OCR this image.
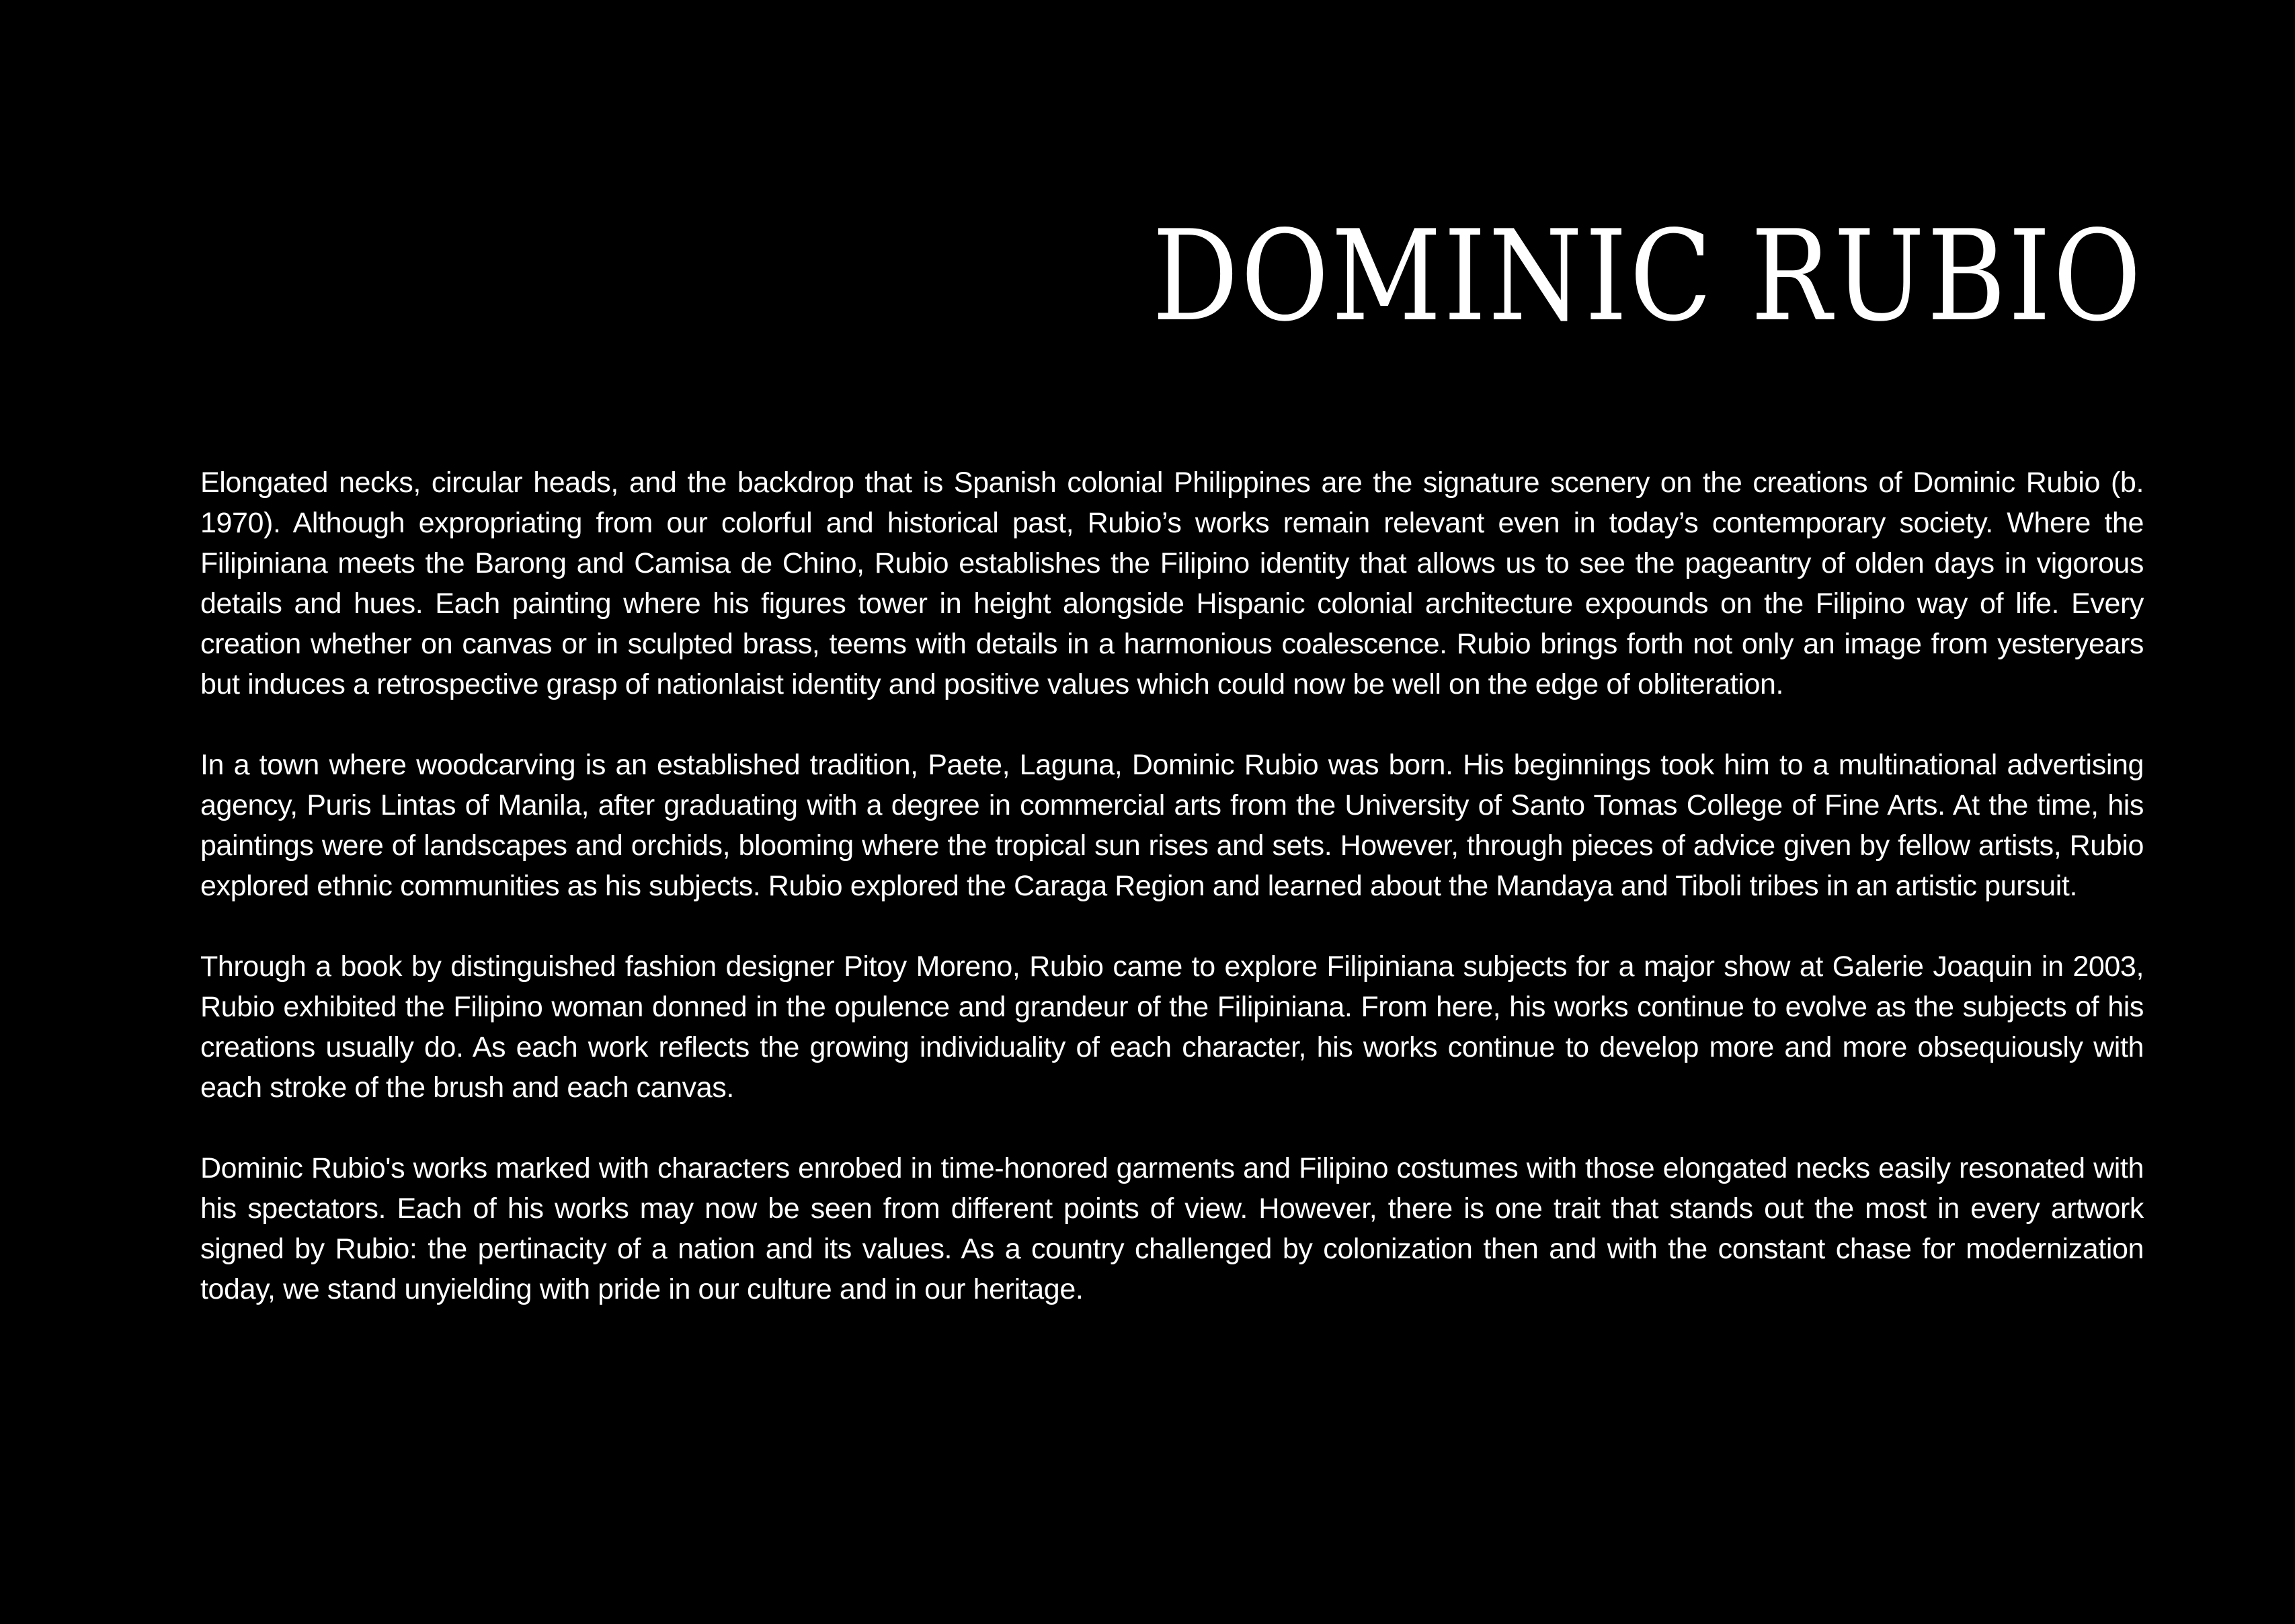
DOMINIC RUBIO

Elongated necks, circular heads, and the backdrop that is Spanish colonial Philippines are the signature scenery on the creations of Dominic Rubio (b. 1970). Although expropriating from our colorful and historical past, Rubio’s works remain relevant even in today’s contemporary society. Where the Filipiniana meets the Barong and Camisa de Chino, Rubio establishes the Filipino identity that allows us to see the pageantry of olden days in vigorous details and hues. Each painting where his figures tower in height alongside Hispanic colonial architecture expounds on the Filipino way of life. Every creation whether on canvas or in sculpted brass, teems with details in a harmonious coalescence. Rubio brings forth not only an image from yesteryears but induces a retrospective grasp of nationlaist identity and positive values which could now be well on the edge of obliteration.

In a town where woodcarving is an established tradition, Paete, Laguna, Dominic Rubio was born. His beginnings took him to a multinational advertising agency, Puris Lintas of Manila, after graduating with a degree in commercial arts from the University of Santo Tomas College of Fine Arts. At the time, his paintings were of landscapes and orchids, blooming where the tropical sun rises and sets. However, through pieces of advice given by fellow artists, Rubio explored ethnic communities as his subjects. Rubio explored the Caraga Region and learned about the Mandaya and Tiboli tribes in an artistic pursuit.

Through a book by distinguished fashion designer Pitoy Moreno, Rubio came to explore Filipiniana subjects for a major show at Galerie Joaquin in 2003, Rubio exhibited the Filipino woman donned in the opulence and grandeur of the Filipiniana. From here, his works continue to evolve as the subjects of his creations usually do. As each work reflects the growing individuality of each character, his works continue to develop more and more obsequiously with each stroke of the brush and each canvas.

Dominic Rubio's works marked with characters enrobed in time-honored garments and Filipino costumes with those elongated necks easily resonated with his spectators. Each of his works may now be seen from different points of view. However, there is one trait that stands out the most in every artwork signed by Rubio: the pertinacity of a nation and its values. As a country challenged by colonization then and with the constant chase for modernization today, we stand unyielding with pride in our culture and in our heritage.
